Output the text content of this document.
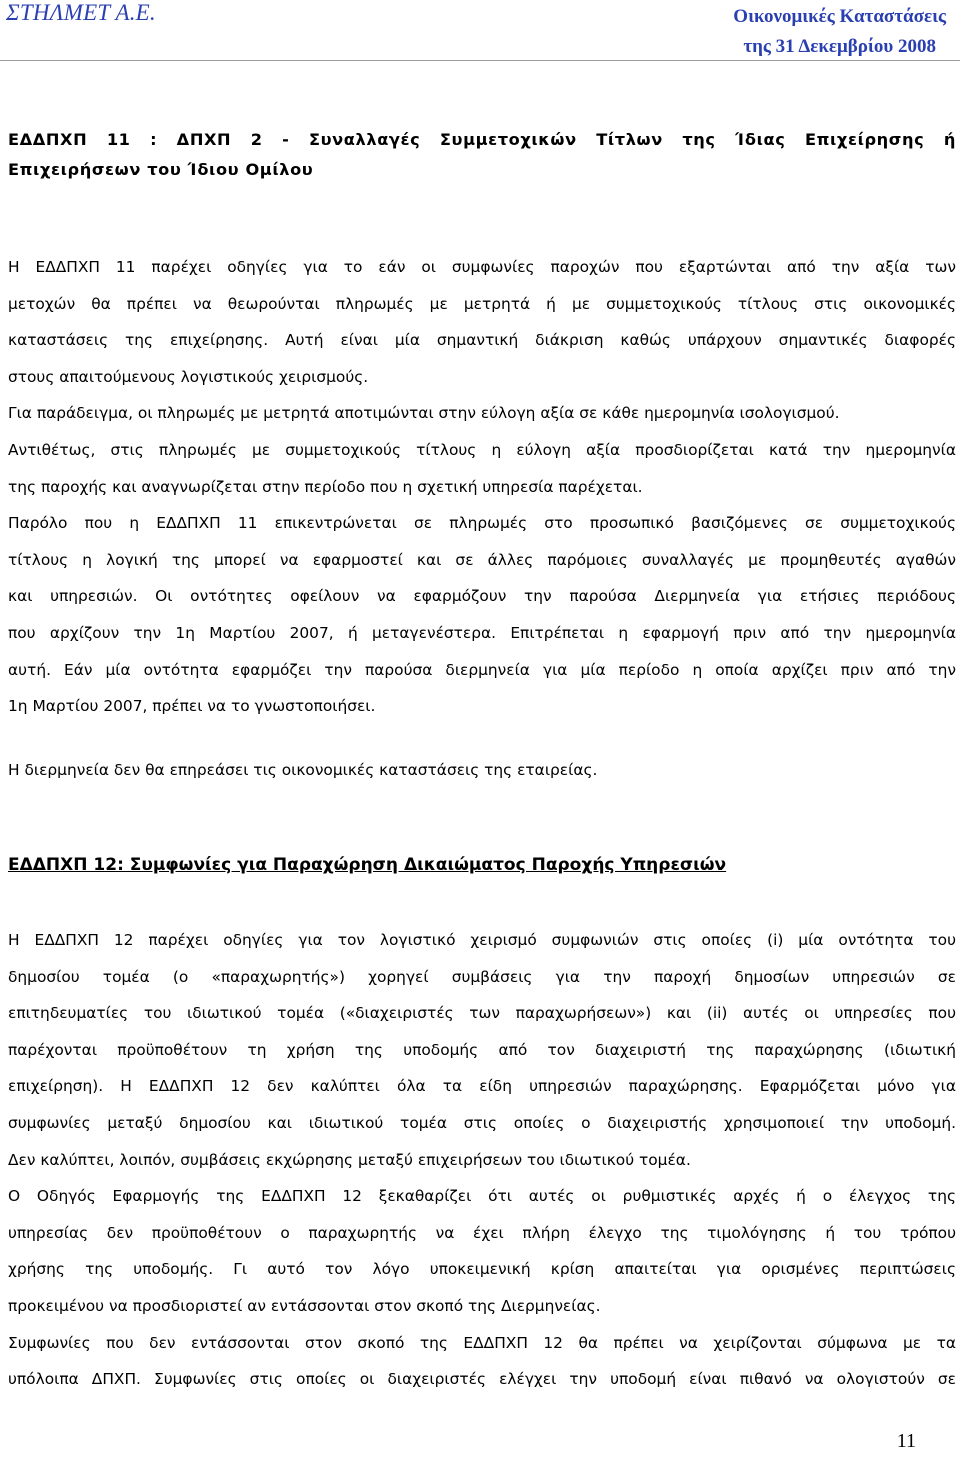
ΣΤΗΛΜΕΤ Α.Ε.	Οικονομικές Καταστάσεις
της 31 Δεκεμβρίου 2008
ΕΔΔΠΧΠ 11 : ΔΠΧΠ 2 - Συναλλαγές Συμμετοχικών Τίτλων της Ίδιας Επιχείρησης ή
Επιχειρήσεων του Ίδιου Ομίλου
Η ΕΔΔΠΧΠ 11 παρέχει οδηγίες για το εάν οι συμφωνίες παροχών που εξαρτώνται από την αξία των
μετοχών θα πρέπει να θεωρούνται πληρωμές με μετρητά ή με συμμετοχικούς τίτλους στις οικονομικές
καταστάσεις της επιχείρησης. Αυτή είναι μία σημαντική διάκριση καθώς υπάρχουν σημαντικές διαφορές
στους απαιτούμενους λογιστικούς χειρισμούς.
Για παράδειγμα, οι πληρωμές με μετρητά αποτιμώνται στην εύλογη αξία σε κάθε ημερομηνία ισολογισμού.
Αντιθέτως, στις πληρωμές με συμμετοχικούς τίτλους η εύλογη αξία προσδιορίζεται κατά την ημερομηνία
της παροχής και αναγνωρίζεται στην περίοδο που η σχετική υπηρεσία παρέχεται.
Παρόλο που η ΕΔΔΠΧΠ 11 επικεντρώνεται σε πληρωμές στο προσωπικό βασιζόμενες σε συμμετοχικούς
τίτλους η λογική της μπορεί να εφαρμοστεί και σε άλλες παρόμοιες συναλλαγές με προμηθευτές αγαθών
και υπηρεσιών. Οι οντότητες οφείλουν να εφαρμόζουν την παρούσα Διερμηνεία για ετήσιες περιόδους
που αρχίζουν την 1η Μαρτίου 2007, ή μεταγενέστερα. Επιτρέπεται η εφαρμογή πριν από την ημερομηνία
αυτή. Εάν μία οντότητα εφαρμόζει την παρούσα διερμηνεία για μία περίοδο η οποία αρχίζει πριν από την
1η Μαρτίου 2007, πρέπει να το γνωστοποιήσει.
Η διερμηνεία δεν θα επηρεάσει τις οικονομικές καταστάσεις της εταιρείας.
ΕΔΔΠΧΠ 12: Συμφωνίες για Παραχώρηση Δικαιώματος Παροχής Υπηρεσιών
Η ΕΔΔΠΧΠ 12 παρέχει οδηγίες για τον λογιστικό χειρισμό συμφωνιών στις οποίες (i) μία οντότητα του
δημοσίου τομέα (ο «παραχωρητής») χορηγεί συμβάσεις για την παροχή δημοσίων υπηρεσιών σε
επιτηδευματίες του ιδιωτικού τομέα («διαχειριστές των παραχωρήσεων») και (ii) αυτές οι υπηρεσίες που
παρέχονται προϋποθέτουν τη χρήση της υποδομής από τον διαχειριστή της παραχώρησης (ιδιωτική
επιχείρηση). Η ΕΔΔΠΧΠ 12 δεν καλύπτει όλα τα είδη υπηρεσιών παραχώρησης. Εφαρμόζεται μόνο για
συμφωνίες μεταξύ δημοσίου και ιδιωτικού τομέα στις οποίες ο διαχειριστής χρησιμοποιεί την υποδομή.
Δεν καλύπτει, λοιπόν, συμβάσεις εκχώρησης μεταξύ επιχειρήσεων του ιδιωτικού τομέα.
Ο Οδηγός Εφαρμογής της ΕΔΔΠΧΠ 12 ξεκαθαρίζει ότι αυτές οι ρυθμιστικές αρχές ή ο έλεγχος της
υπηρεσίας δεν προϋποθέτουν ο παραχωρητής να έχει πλήρη έλεγχο της τιμολόγησης ή του τρόπου
χρήσης της υποδομής. Γι αυτό τον λόγο υποκειμενική κρίση απαιτείται για ορισμένες περιπτώσεις
προκειμένου να προσδιοριστεί αν εντάσσονται στον σκοπό της Διερμηνείας.
Συμφωνίες που δεν εντάσσονται στον σκοπό της ΕΔΔΠΧΠ 12 θα πρέπει να χειρίζονται σύμφωνα με τα
υπόλοιπα ΔΠΧΠ. Συμφωνίες στις οποίες οι διαχειριστές ελέγχει την υποδομή είναι πιθανό να ολογιστούν σε
11
